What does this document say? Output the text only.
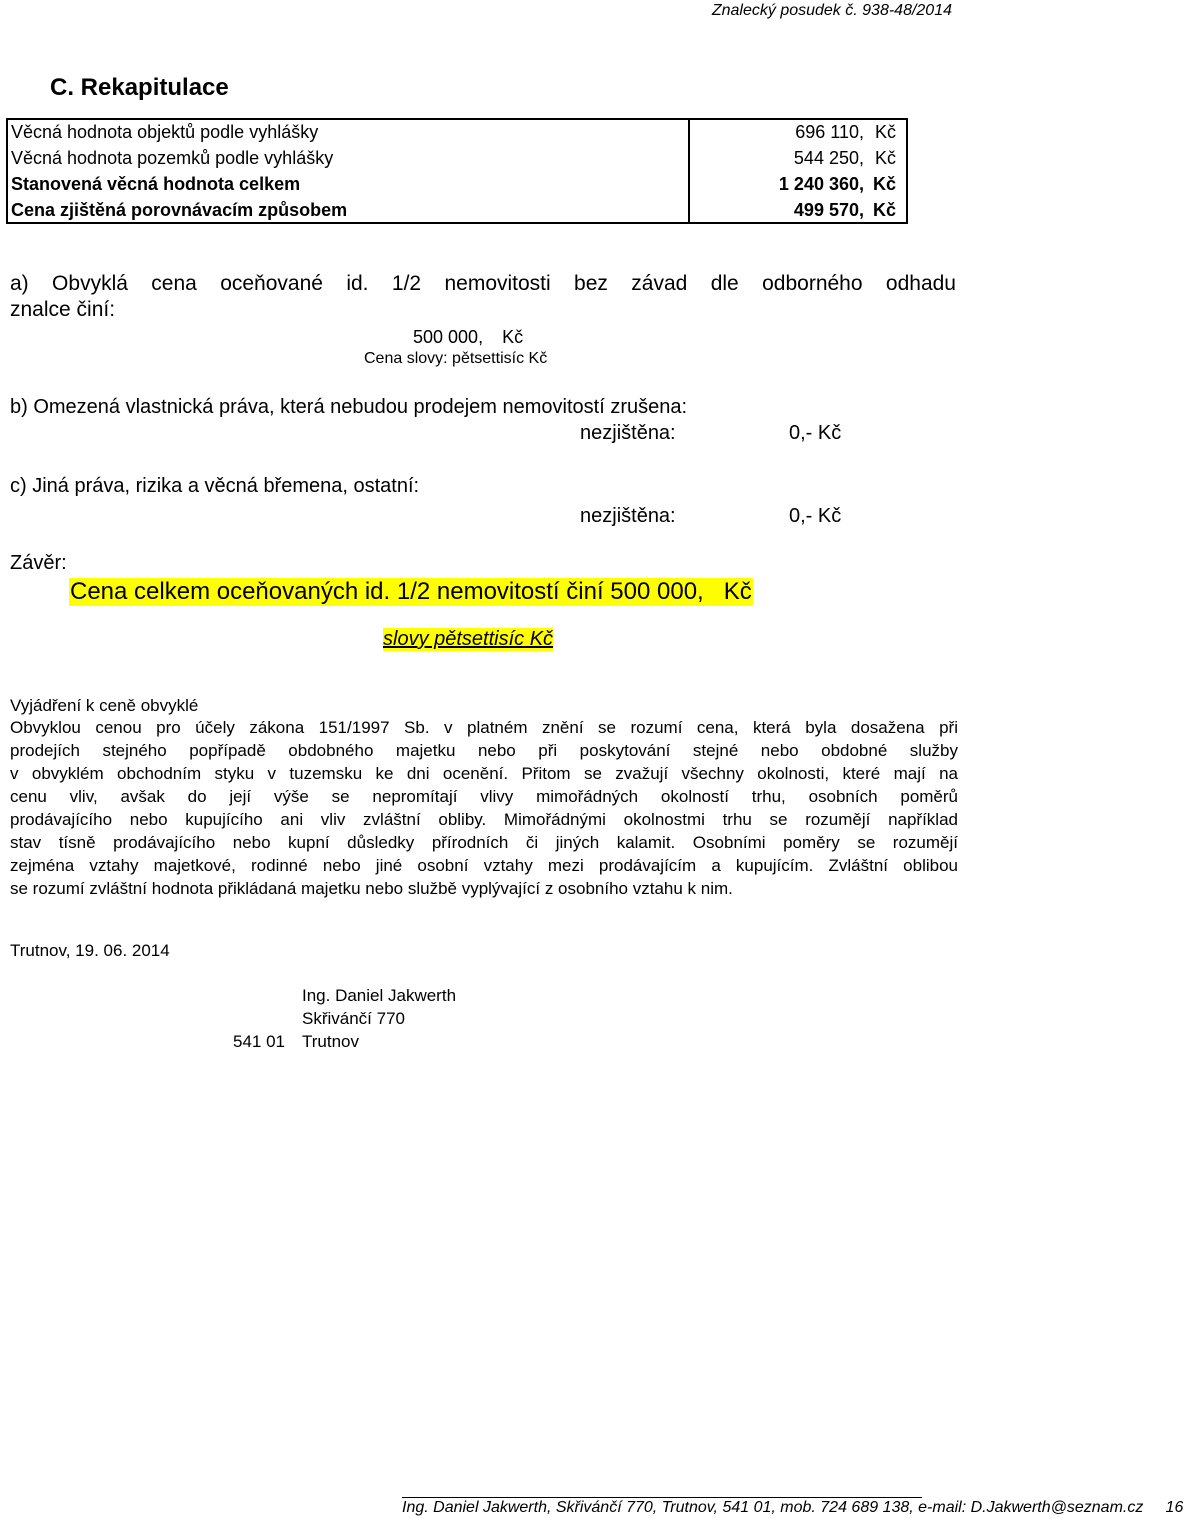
Znalecký posudek č. 938-48/2014
C. Rekapitulace
Věcná hodnota objektů podle vyhlášky	696 110, Kč
Věcná hodnota pozemků podle vyhlášky	544 250, Kč
Stanovená věcná hodnota celkem	1 240 360, Kč
Cena zjištěná porovnávacím způsobem	499 570, Kč
a) Obvyklá cena oceňované id. 1/2 nemovitosti bez závad dle odborného odhadu
znalce činí:
500 000, Kč
Cena slovy: pětsettisíc Kč
b) Omezená vlastnická práva, která nebudou prodejem nemovitostí zrušena:
nezjištěna:	0,- Kč
c) Jiná práva, rizika a věcná břemena, ostatní:
nezjištěna:	0,- Kč
Závěr:
Cena celkem oceňovaných id. 1/2 nemovitostí činí 500 000, Kč
slovy pětsettisíc Kč
Vyjádření k ceně obvyklé
Obvyklou cenou pro účely zákona 151/1997 Sb. v platném znění se rozumí cena, která byla dosažena při
prodejích stejného popřípadě obdobného majetku nebo při poskytování stejné nebo obdobné služby
v obvyklém obchodním styku v tuzemsku ke dni ocenění. Přitom se zvažují všechny okolnosti, které mají na
cenu vliv, avšak do její výše se nepromítají vlivy mimořádných okolností trhu, osobních poměrů
prodávajícího nebo kupujícího ani vliv zvláštní obliby. Mimořádnými okolnostmi trhu se rozumějí například
stav tísně prodávajícího nebo kupní důsledky přírodních či jiných kalamit. Osobními poměry se rozumějí
zejména vztahy majetkové, rodinné nebo jiné osobní vztahy mezi prodávajícím a kupujícím. Zvláštní oblibou
se rozumí zvláštní hodnota přikládaná majetku nebo službě vyplývající z osobního vztahu k nim.
Trutnov, 19. 06. 2014
Ing. Daniel Jakwerth
Skřivánčí 770
541 01 Trutnov
Ing. Daniel Jakwerth, Skřivánčí 770, Trutnov, 541 01, mob. 724 689 138, e-mail: D.Jakwerth@seznam.cz 16
